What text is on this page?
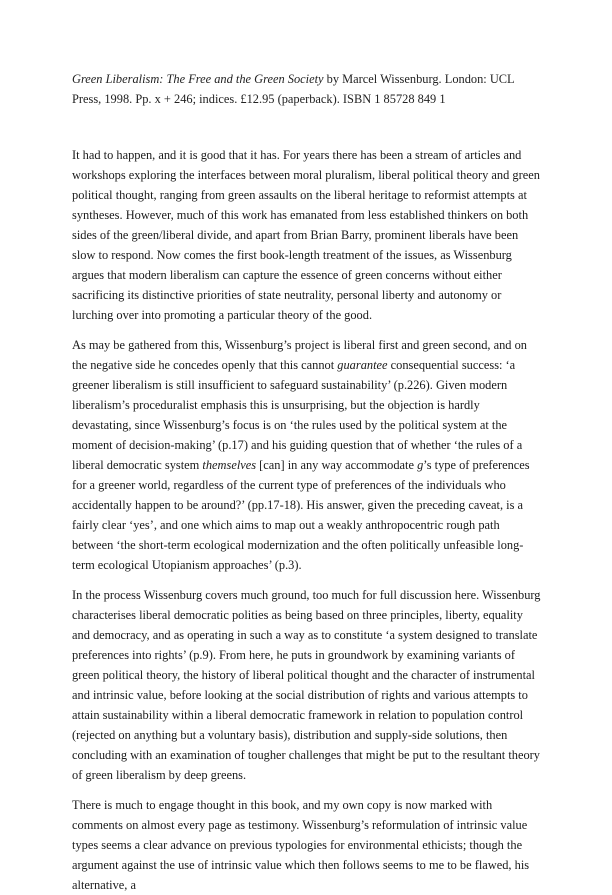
Green Liberalism: The Free and the Green Society by Marcel Wissenburg. London: UCL Press, 1998. Pp. x + 246; indices. £12.95 (paperback). ISBN 1 85728 849 1

It had to happen, and it is good that it has. For years there has been a stream of articles and workshops exploring the interfaces between moral pluralism, liberal political theory and green political thought, ranging from green assaults on the liberal heritage to reformist attempts at syntheses. However, much of this work has emanated from less established thinkers on both sides of the green/liberal divide, and apart from Brian Barry, prominent liberals have been slow to respond. Now comes the first book-length treatment of the issues, as Wissenburg argues that modern liberalism can capture the essence of green concerns without either sacrificing its distinctive priorities of state neutrality, personal liberty and autonomy or lurching over into promoting a particular theory of the good.

As may be gathered from this, Wissenburg’s project is liberal first and green second, and on the negative side he concedes openly that this cannot guarantee consequential success: ‘a greener liberalism is still insufficient to safeguard sustainability’ (p.226). Given modern liberalism’s proceduralist emphasis this is unsurprising, but the objection is hardly devastating, since Wissenburg’s focus is on ‘the rules used by the political system at the moment of decision-making’ (p.17) and his guiding question that of whether ‘the rules of a liberal democratic system themselves [can] in any way accommodate g’s type of preferences for a greener world, regardless of the current type of preferences of the individuals who accidentally happen to be around?’ (pp.17-18). His answer, given the preceding caveat, is a fairly clear ‘yes’, and one which aims to map out a weakly anthropocentric rough path between ‘the short-term ecological modernization and the often politically unfeasible long-term ecological Utopianism approaches’ (p.3).

In the process Wissenburg covers much ground, too much for full discussion here. Wissenburg characterises liberal democratic polities as being based on three principles, liberty, equality and democracy, and as operating in such a way as to constitute ‘a system designed to translate preferences into rights’ (p.9). From here, he puts in groundwork by examining variants of green political theory, the history of liberal political thought and the character of instrumental and intrinsic value, before looking at the social distribution of rights and various attempts to attain sustainability within a liberal democratic framework in relation to population control (rejected on anything but a voluntary basis), distribution and supply-side solutions, then concluding with an examination of tougher challenges that might be put to the resultant theory of green liberalism by deep greens.

There is much to engage thought in this book, and my own copy is now marked with comments on almost every page as testimony. Wissenburg’s reformulation of intrinsic value types seems a clear advance on previous typologies for environmental ethicists; though the argument against the use of intrinsic value which then follows seems to me to be flawed, his alternative, a
